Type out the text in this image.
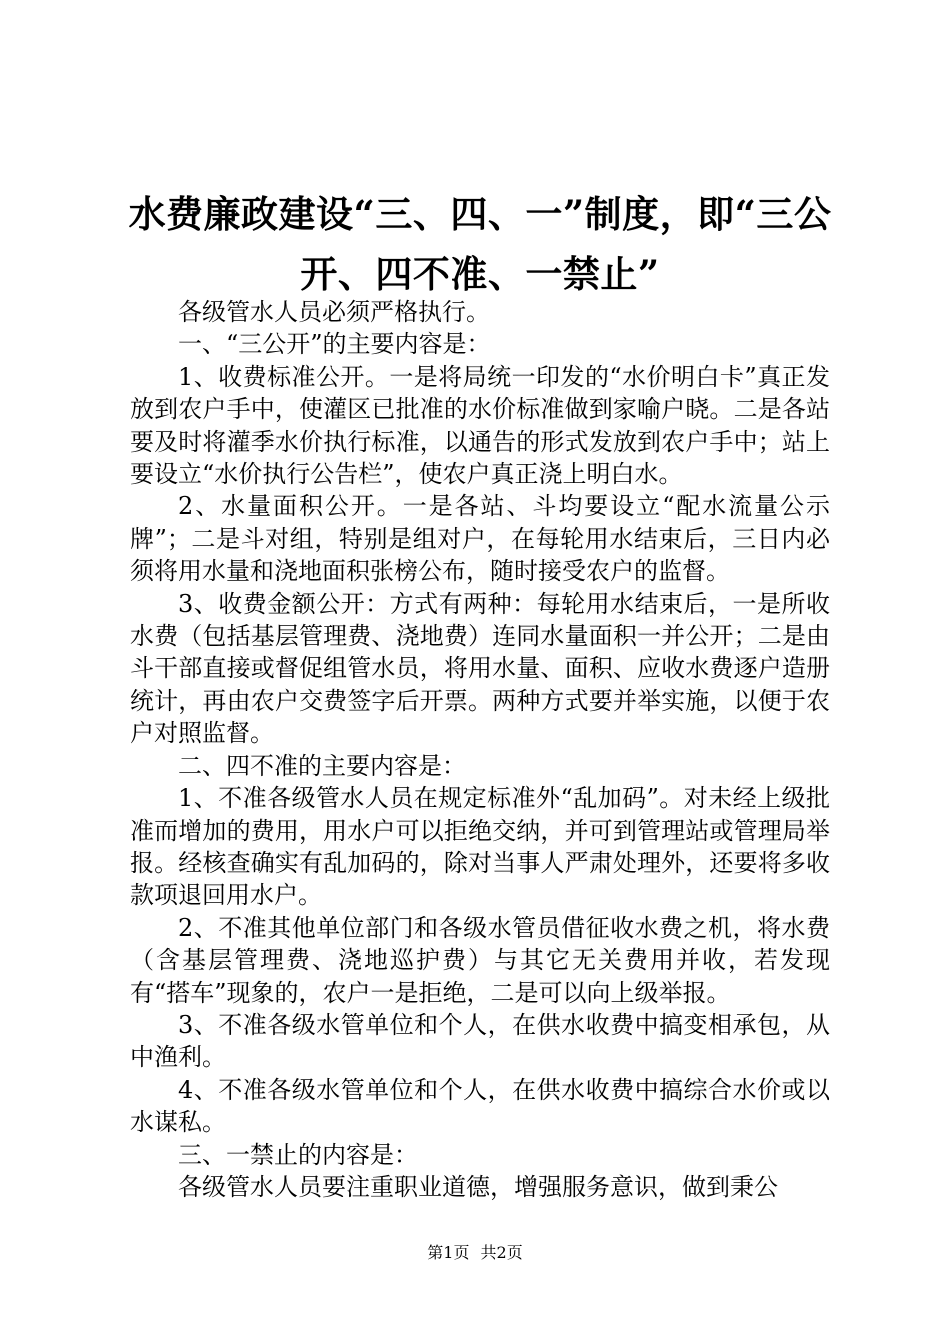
水费廉政建设“三、四、一”制度，即“三公
开、四不准、一禁止”

各级管水人员必须严格执行。

一、“三公开”的主要内容是：

1、收费标准公开。一是将局统一印发的“水价明白卡”真正发放到农户手中，使灌区已批准的水价标准做到家喻户晓。二是各站要及时将灌季水价执行标准，以通告的形式发放到农户手中；站上要设立“水价执行公告栏”，使农户真正浇上明白水。

2、水量面积公开。一是各站、斗均要设立“配水流量公示牌”；二是斗对组，特别是组对户，在每轮用水结束后，三日内必须将用水量和浇地面积张榜公布，随时接受农户的监督。

3、收费金额公开：方式有两种：每轮用水结束后，一是所收水费（包括基层管理费、浇地费）连同水量面积一并公开；二是由斗干部直接或督促组管水员，将用水量、面积、应收水费逐户造册统计，再由农户交费签字后开票。两种方式要并举实施，以便于农户对照监督。

二、四不准的主要内容是：

1、不准各级管水人员在规定标准外“乱加码”。对未经上级批准而增加的费用，用水户可以拒绝交纳，并可到管理站或管理局举报。经核查确实有乱加码的，除对当事人严肃处理外，还要将多收款项退回用水户。

2、不准其他单位部门和各级水管员借征收水费之机，将水费（含基层管理费、浇地巡护费）与其它无关费用并收，若发现有“搭车”现象的，农户一是拒绝，二是可以向上级举报。

3、不准各级水管单位和个人，在供水收费中搞变相承包，从中渔利。

4、不准各级水管单位和个人，在供水收费中搞综合水价或以水谋私。

三、一禁止的内容是：

各级管水人员要注重职业道德，增强服务意识，做到秉公

第1页 共2页
